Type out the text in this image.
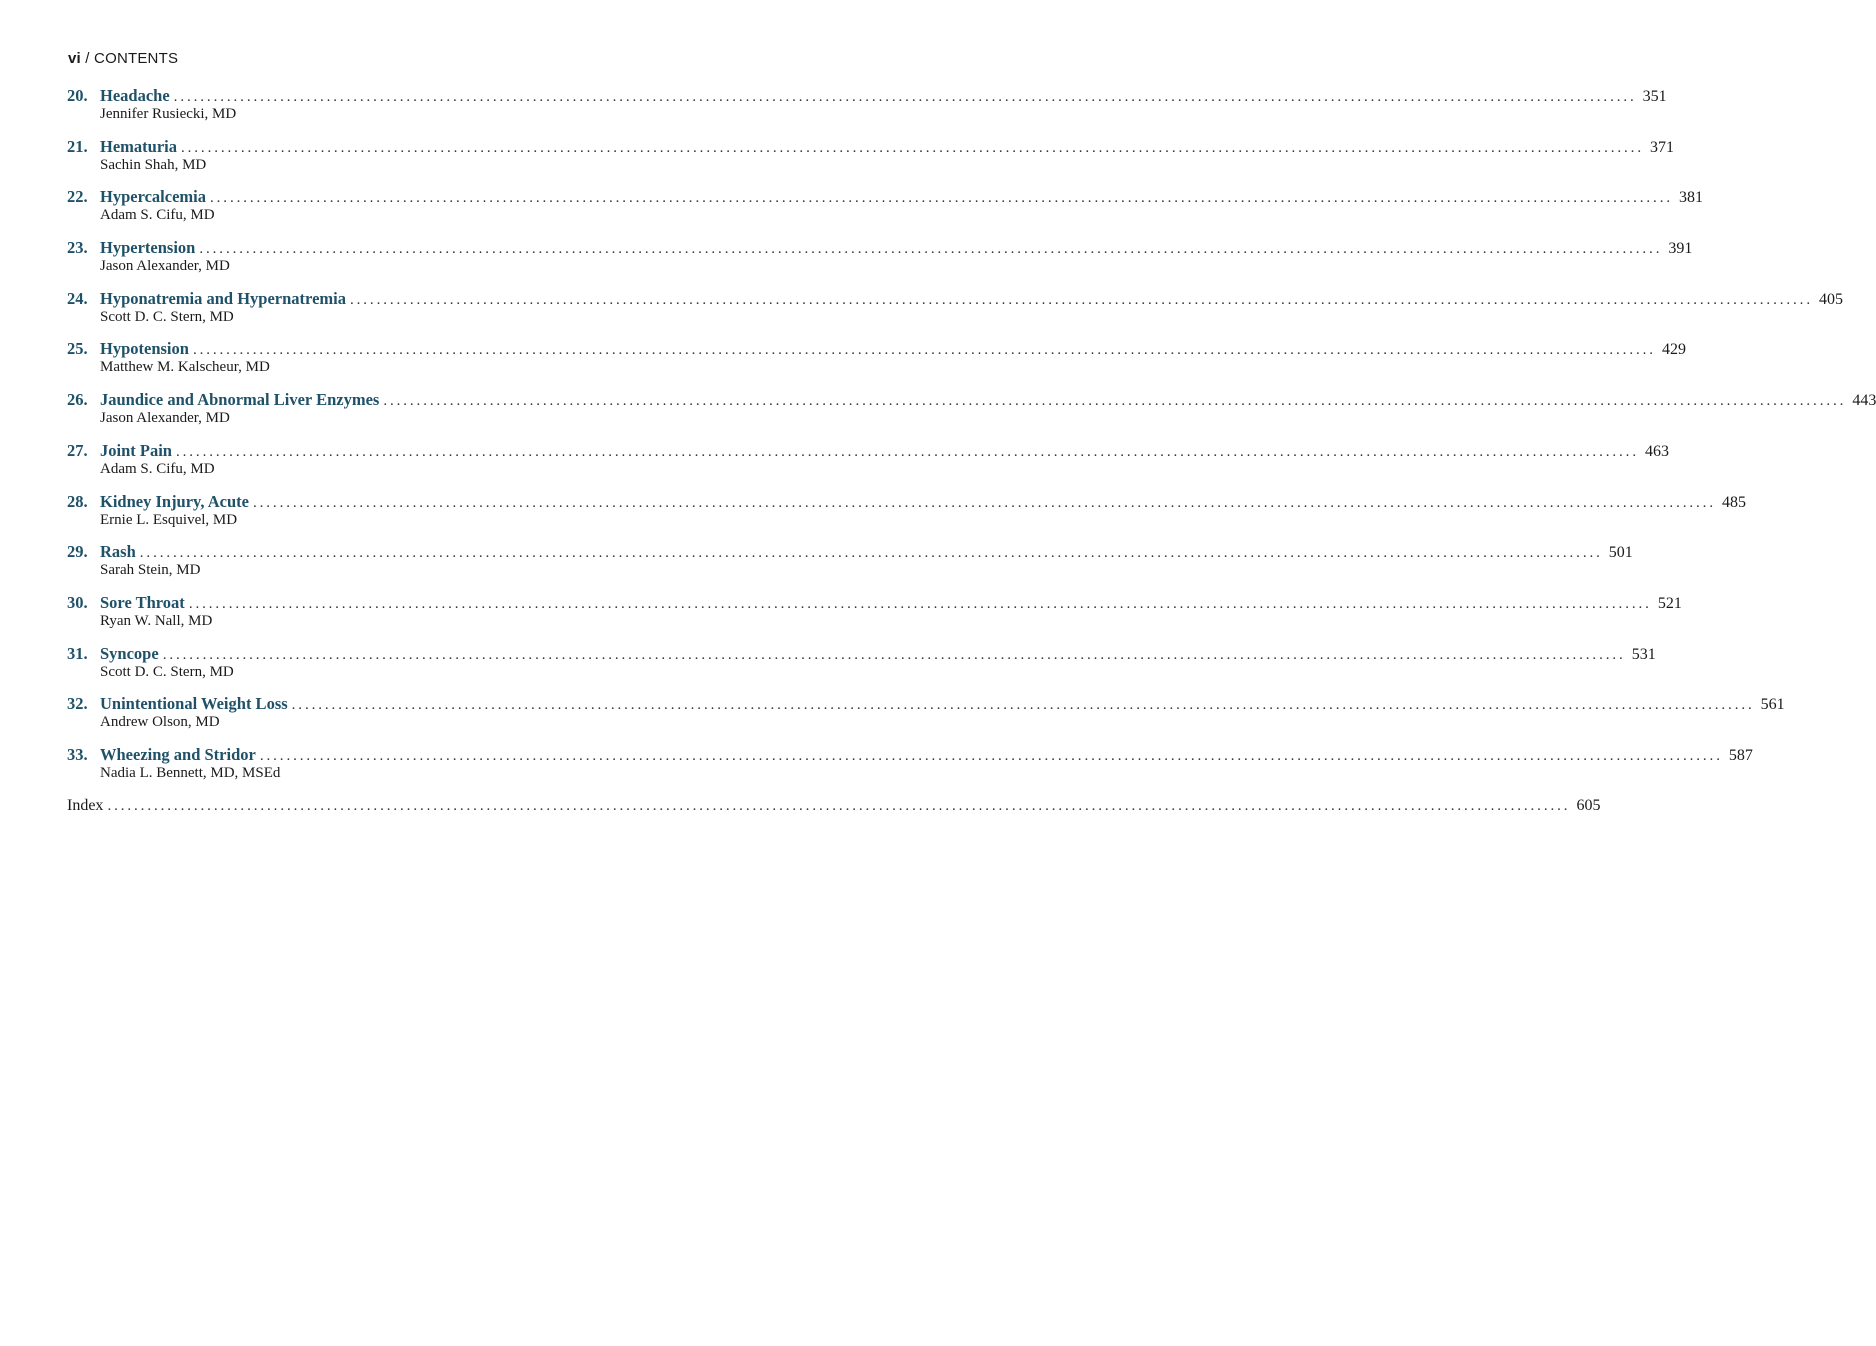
vi / CONTENTS
20. Headache ............................................................................................................................................................................................................................ 351
Jennifer Rusiecki, MD
21. Hematuria ............................................................................................................................................................................................................................ 371
Sachin Shah, MD
22. Hypercalcemia ............................................................................................................................................................................................................................ 381
Adam S. Cifu, MD
23. Hypertension ............................................................................................................................................................................................................................ 391
Jason Alexander, MD
24. Hyponatremia and Hypernatremia ............................................................................................................................................................................................................................ 405
Scott D. C. Stern, MD
25. Hypotension ............................................................................................................................................................................................................................ 429
Matthew M. Kalscheur, MD
26. Jaundice and Abnormal Liver Enzymes ............................................................................................................................................................................................................................ 443
Jason Alexander, MD
27. Joint Pain ............................................................................................................................................................................................................................ 463
Adam S. Cifu, MD
28. Kidney Injury, Acute ............................................................................................................................................................................................................................ 485
Ernie L. Esquivel, MD
29. Rash ............................................................................................................................................................................................................................ 501
Sarah Stein, MD
30. Sore Throat ............................................................................................................................................................................................................................ 521
Ryan W. Nall, MD
31. Syncope ............................................................................................................................................................................................................................ 531
Scott D. C. Stern, MD
32. Unintentional Weight Loss ............................................................................................................................................................................................................................ 561
Andrew Olson, MD
33. Wheezing and Stridor ............................................................................................................................................................................................................................ 587
Nadia L. Bennett, MD, MSEd
Index ............................................................................................................................................................................................................................ 605
